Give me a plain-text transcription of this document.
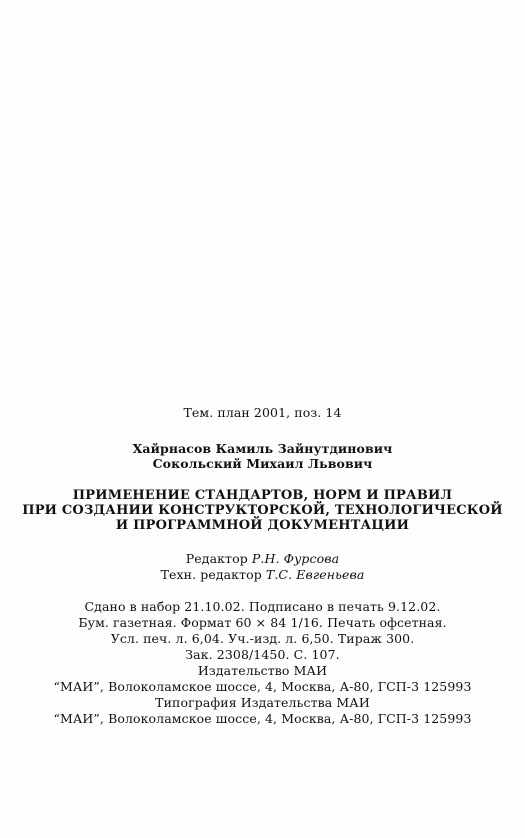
Тем. план 2001, поз. 14
Хайрнасов Камиль Зайнутдинович
Сокольский Михаил Львович
ПРИМЕНЕНИЕ СТАНДАРТОВ, НОРМ И ПРАВИЛ
ПРИ СОЗДАНИИ КОНСТРУКТОРСКОЙ, ТЕХНОЛОГИЧЕСКОЙ
И ПРОГРАММНОЙ ДОКУМЕНТАЦИИ
Редактор Р.Н. Фурсова
Техн. редактор Т.С. Евгеньева
Сдано в набор 21.10.02. Подписано в печать 9.12.02.
Бум. газетная. Формат 60 × 84 1/16. Печать офсетная.
Усл. печ. л. 6,04. Уч.-изд. л. 6,50. Тираж 300.
Зак. 2308/1450. С. 107.
Издательство МАИ
“МАИ”, Волоколамское шоссе, 4, Москва, А-80, ГСП-3 125993
Типография Издательства МАИ
“МАИ”, Волоколамское шоссе, 4, Москва, А-80, ГСП-3 125993
